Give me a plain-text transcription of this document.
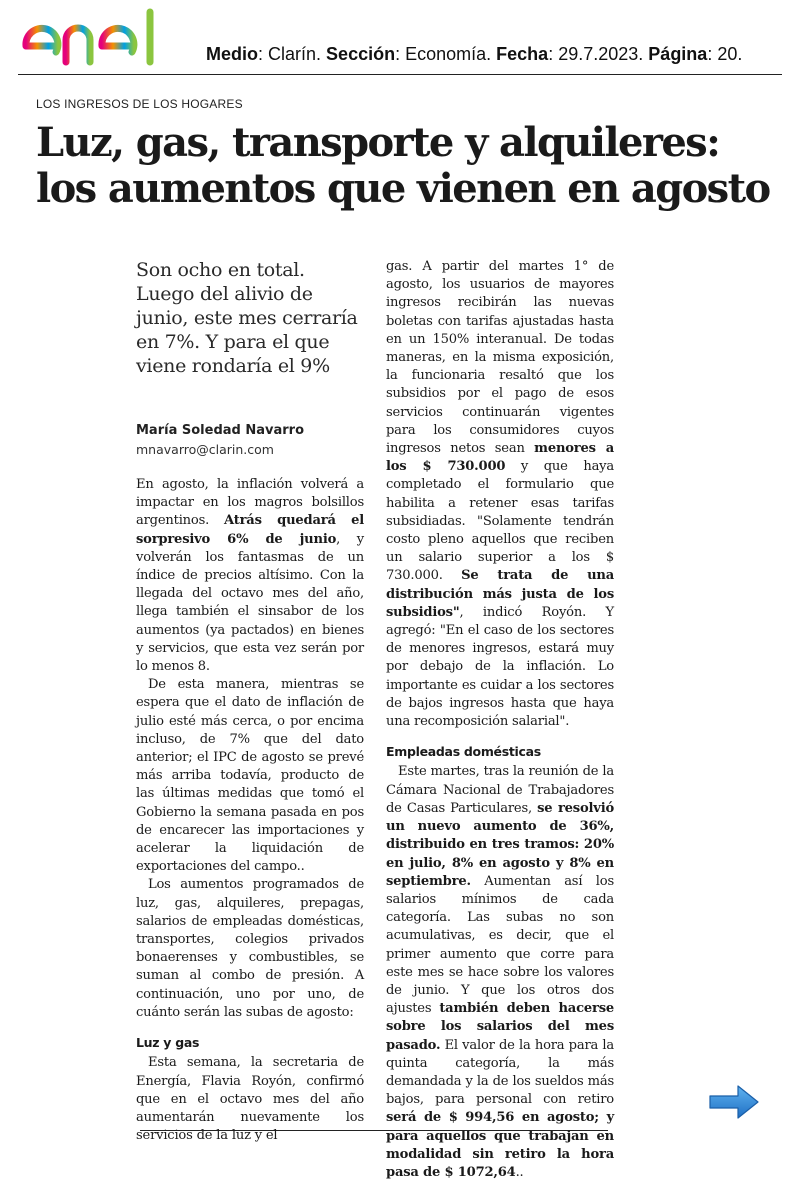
Medio: Clarín. Sección: Economía. Fecha: 29.7.2023. Página: 20.
LOS INGRESOS DE LOS HOGARES
Luz, gas, transporte y alquileres:
los aumentos que vienen en agosto
Son ocho en total.
Luego del alivio de
junio, este mes cerraría
en 7%. Y para el que
viene rondaría el 9%
María Soledad Navarro
mnavarro@clarin.com

En agosto, la inflación volverá a impactar en los magros bolsillos argentinos. Atrás quedará el sorpresivo 6% de junio, y volverán los fantasmas de un índice de precios altísimo. Con la llegada del octavo mes del año, llega también el sinsabor de los aumentos (ya pactados) en bienes y servicios, que esta vez serán por lo menos 8.

De esta manera, mientras se espera que el dato de inflación de julio esté más cerca, o por encima incluso, de 7% que del dato anterior; el IPC de agosto se prevé más arriba todavía, producto de las últimas medidas que tomó el Gobierno la semana pasada en pos de encarecer las importaciones y acelerar la liquidación de exportaciones del campo..

Los aumentos programados de luz, gas, alquileres, prepagas, salarios de empleadas domésticas, transportes, colegios privados bonaerenses y combustibles, se suman al combo de presión. A continuación, uno por uno, de cuánto serán las subas de agosto:

Luz y gas

Esta semana, la secretaria de Energía, Flavia Royón, confirmó que en el octavo mes del año aumentarán nuevamente los servicios de la luz y el

gas. A partir del martes 1° de agosto, los usuarios de mayores ingresos recibirán las nuevas boletas con tarifas ajustadas hasta en un 150% interanual. De todas maneras, en la misma exposición, la funcionaria resaltó que los subsidios por el pago de esos servicios continuarán vigentes para los consumidores cuyos ingresos netos sean menores a los $ 730.000 y que haya completado el formulario que habilita a retener esas tarifas subsidiadas. "Solamente tendrán costo pleno aquellos que reciben un salario superior a los $ 730.000. Se trata de una distribución más justa de los subsidios", indicó Royón. Y agregó: "En el caso de los sectores de menores ingresos, estará muy por debajo de la inflación. Lo importante es cuidar a los sectores de bajos ingresos hasta que haya una recomposición salarial".

Empleadas domésticas

Este martes, tras la reunión de la Cámara Nacional de Trabajadores de Casas Particulares, se resolvió un nuevo aumento de 36%, distribuido en tres tramos: 20% en julio, 8% en agosto y 8% en septiembre. Aumentan así los salarios mínimos de cada categoría. Las subas no son acumulativas, es decir, que el primer aumento que corre para este mes se hace sobre los valores de junio. Y que los otros dos ajustes también deben hacerse sobre los salarios del mes pasado. El valor de la hora para la quinta categoría, la más demandada y la de los sueldos más bajos, para personal con retiro será de $ 994,56 en agosto; y para aquellos que trabajan en modalidad sin retiro la hora pasa de $ 1072,64..
